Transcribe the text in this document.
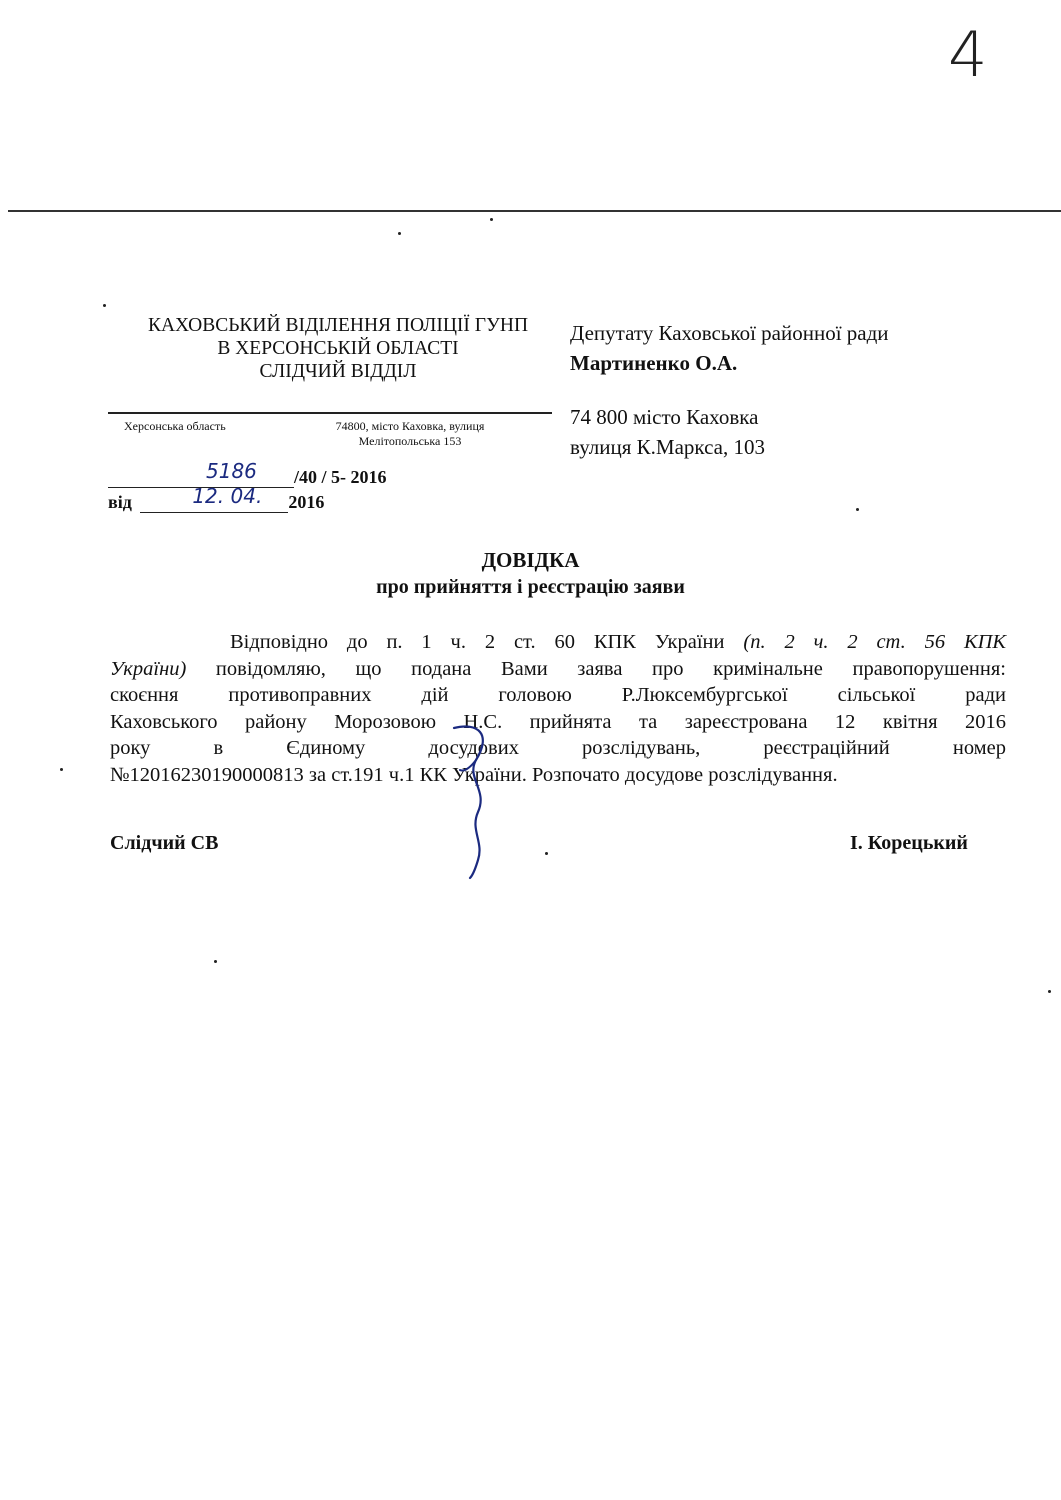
4
КАХОВСЬКИЙ ВІДІЛЕННЯ ПОЛІЦІЇ ГУНП
В ХЕРСОНСЬКІЙ ОБЛАСТІ
СЛІДЧИЙ ВІДДІЛ
Херсонська область	74800, місто Каховка, вулиця
Мелітопольська 153
Депутату Каховської районної ради
Мартиненко О.А.
74 800 місто Каховка
вулиця К.Маркса, 103
5186 /40 / 5- 2016
від	12. 04. 2016
ДОВІДКА
про прийняття і реєстрацію заяви
Відповідно до п. 1 ч. 2 ст. 60 КПК України (п. 2 ч. 2 ст. 56 КПК
України) повідомляю, що подана Вами заява про кримінальне правопорушення:
скоєння противоправних дій головою Р.Люксембургської сільської ради
Каховського району Морозовою Н.С. прийнята та зареєстрована 12 квітня 2016
року в Єдиному досудових розслідувань, реєстраційний номер
№12016230190000813 за ст.191 ч.1 КК України. Розпочато досудове розслідування.
Слідчий СВ	І. Корецький
